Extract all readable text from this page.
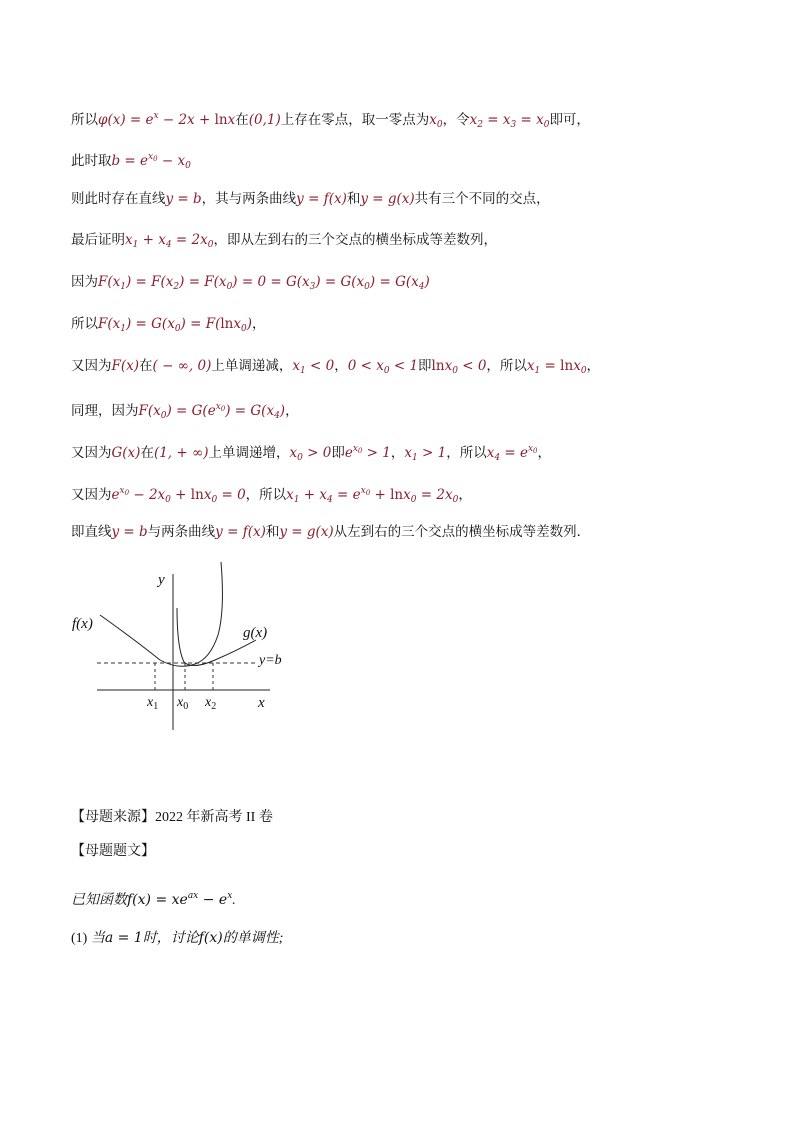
所以$\varphi(x) = e^x - 2x + \ln x$在(0,1)上存在零点，取一零点为$x_0$，令$x_2 = x_3 = x_0$即可，
此时取$b = e^{x_0} - x_0$
则此时存在直线y = b，其与两条曲线y = f(x)和y = g(x)共有三个不同的交点，
最后证明$x_1 + x_4 = 2x_0$，即从左到右的三个交点的横坐标成等差数列，
因为$F(x_1) = F(x_2) = F(x_0) = 0 = G(x_3) = G(x_0) = G(x_4)$
所以$F(x_1) = G(x_0) = F(\ln x_0)$，
又因为F(x)在( − ∞, 0)上单调递减，$x_1 < 0$，$0 < x_0 < 1$即lnx$_0$ < 0，所以$x_1 = \ln x_0$，
同理，因为$F(x_0) = G(e^{x_0}) = G(x_4)$，
又因为G(x)在(1, + ∞)上单调递增，$x_0 > 0$即$e^{x_0} > 1$，$x_1 > 1$，所以$x_4 = e^{x_0}$，
又因为$e^{x_0} - 2x_0 + \ln x_0 = 0$，所以$x_1 + x_4 = e^{x_0} + \ln x_0 = 2x_0$，
即直线y = b与两条曲线y = f(x)和y = g(x)从左到右的三个交点的横坐标成等差数列．
y
x
f(x)
g(x)
y=b
$x_1$ $x_0$ $x_2$
【母题来源】2022 年新高考 II 卷
【母题题文】
已知函数$f(x) = xe^{ax} - e^x$.
(1) 当a = 1时，讨论f(x)的单调性;
